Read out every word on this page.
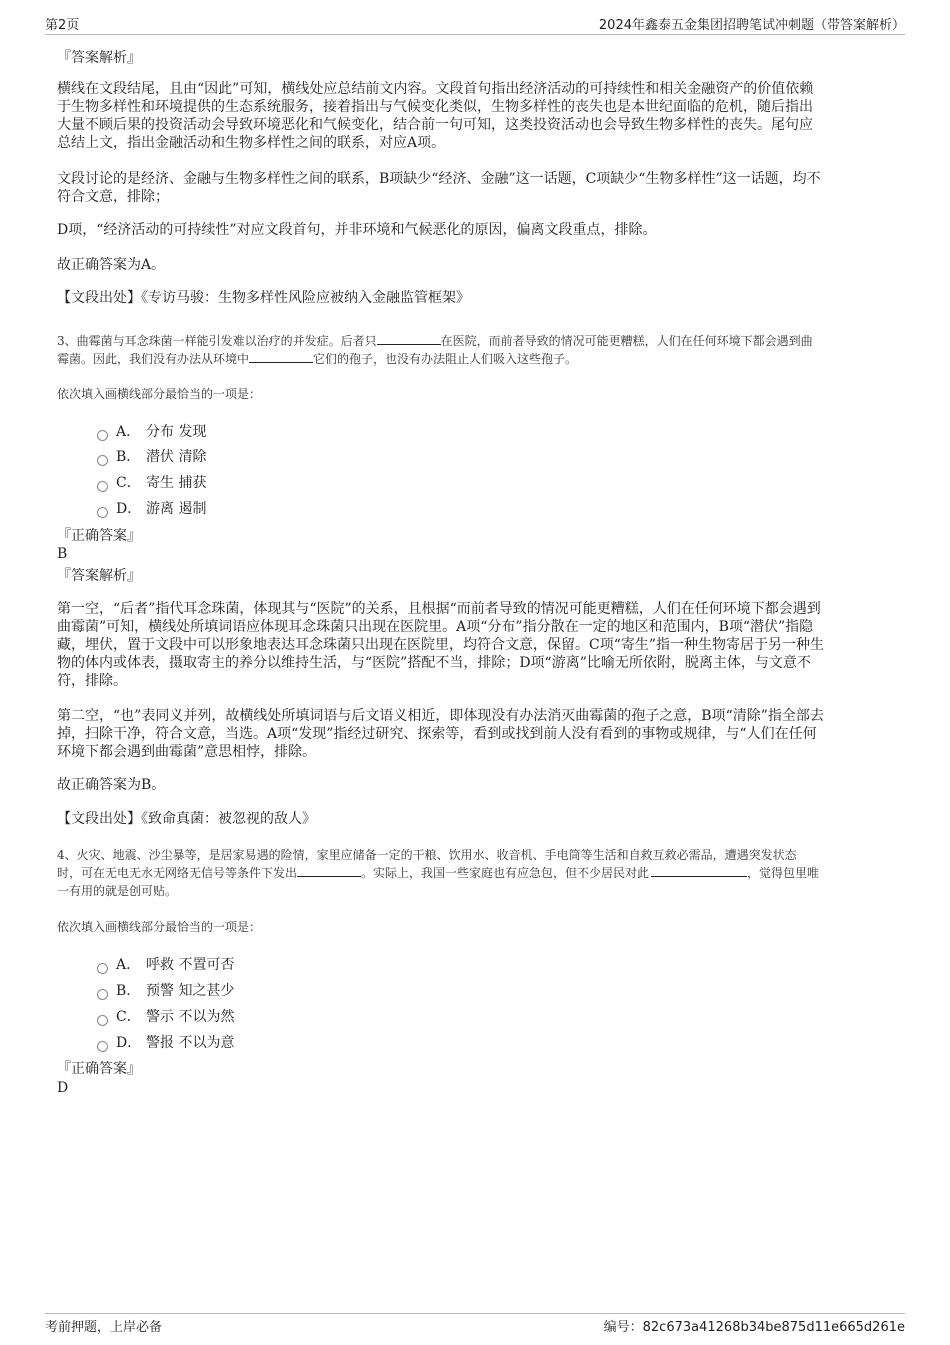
第2页	2024年鑫泰五金集团招聘笔试冲刺题（带答案解析）
『答案解析』

横线在文段结尾，且由“因此”可知，横线处应总结前文内容。文段首句指出经济活动的可持续性和相关金融资产的价值依赖

于生物多样性和环境提供的生态系统服务，接着指出与气候变化类似，生物多样性的丧失也是本世纪面临的危机，随后指出

大量不顾后果的投资活动会导致环境恶化和气候变化，结合前一句可知，这类投资活动也会导致生物多样性的丧失。尾句应

总结上文，指出金融活动和生物多样性之间的联系，对应A项。

文段讨论的是经济、金融与生物多样性之间的联系，B项缺少“经济、金融”这一话题，C项缺少“生物多样性”这一话题，均不

符合文意，排除；

D项，“经济活动的可持续性”对应文段首句，并非环境和气候恶化的原因，偏离文段重点，排除。

故正确答案为A。

【文段出处】《专访马骏：生物多样性风险应被纳入金融监管框架》

3、曲霉菌与耳念珠菌一样能引发难以治疗的并发症。后者只	在医院，而前者导致的情况可能更糟糕，人们在任何环境下都会遇到曲
霉菌。因此，我们没有办法从环境中	它们的孢子，也没有办法阻止人们吸入这些孢子。
依次填入画横线部分最恰当的一项是：
A． 分布 发现
B． 潜伏 清除
C． 寄生 捕获
D． 游离 遏制
『正确答案』
B
『答案解析』

第一空，“后者”指代耳念珠菌，体现其与“医院”的关系，且根据“而前者导致的情况可能更糟糕，人们在任何环境下都会遇到

曲霉菌”可知，横线处所填词语应体现耳念珠菌只出现在医院里。A项“分布”指分散在一定的地区和范围内，B项“潜伏”指隐

藏，埋伏，置于文段中可以形象地表达耳念珠菌只出现在医院里，均符合文意，保留。C项“寄生”指一种生物寄居于另一种生

物的体内或体表，摄取寄主的养分以维持生活，与“医院”搭配不当，排除；D项“游离”比喻无所依附，脱离主体，与文意不

符，排除。

第二空，“也”表同义并列，故横线处所填词语与后文语义相近，即体现没有办法消灭曲霉菌的孢子之意，B项“清除”指全部去

掉，扫除干净，符合文意，当选。A项“发现”指经过研究、探索等，看到或找到前人没有看到的事物或规律，与“人们在任何

环境下都会遇到曲霉菌”意思相悖，排除。

故正确答案为B。

【文段出处】《致命真菌：被忽视的敌人》

4、火灾、地震、沙尘暴等，是居家易遇的险情，家里应储备一定的干粮、饮用水、收音机、手电筒等生活和自救互救必需品，遭遇突发状态
时，可在无电无水无网络无信号等条件下发出	。实际上，我国一些家庭也有应急包，但不少居民对此	，觉得包里唯
一有用的就是创可贴。
依次填入画横线部分最恰当的一项是：
A． 呼救 不置可否
B． 预警 知之甚少
C． 警示 不以为然
D． 警报 不以为意
『正确答案』
D
考前押题，上岸必备	编号：82c673a41268b34be875d11e665d261e
